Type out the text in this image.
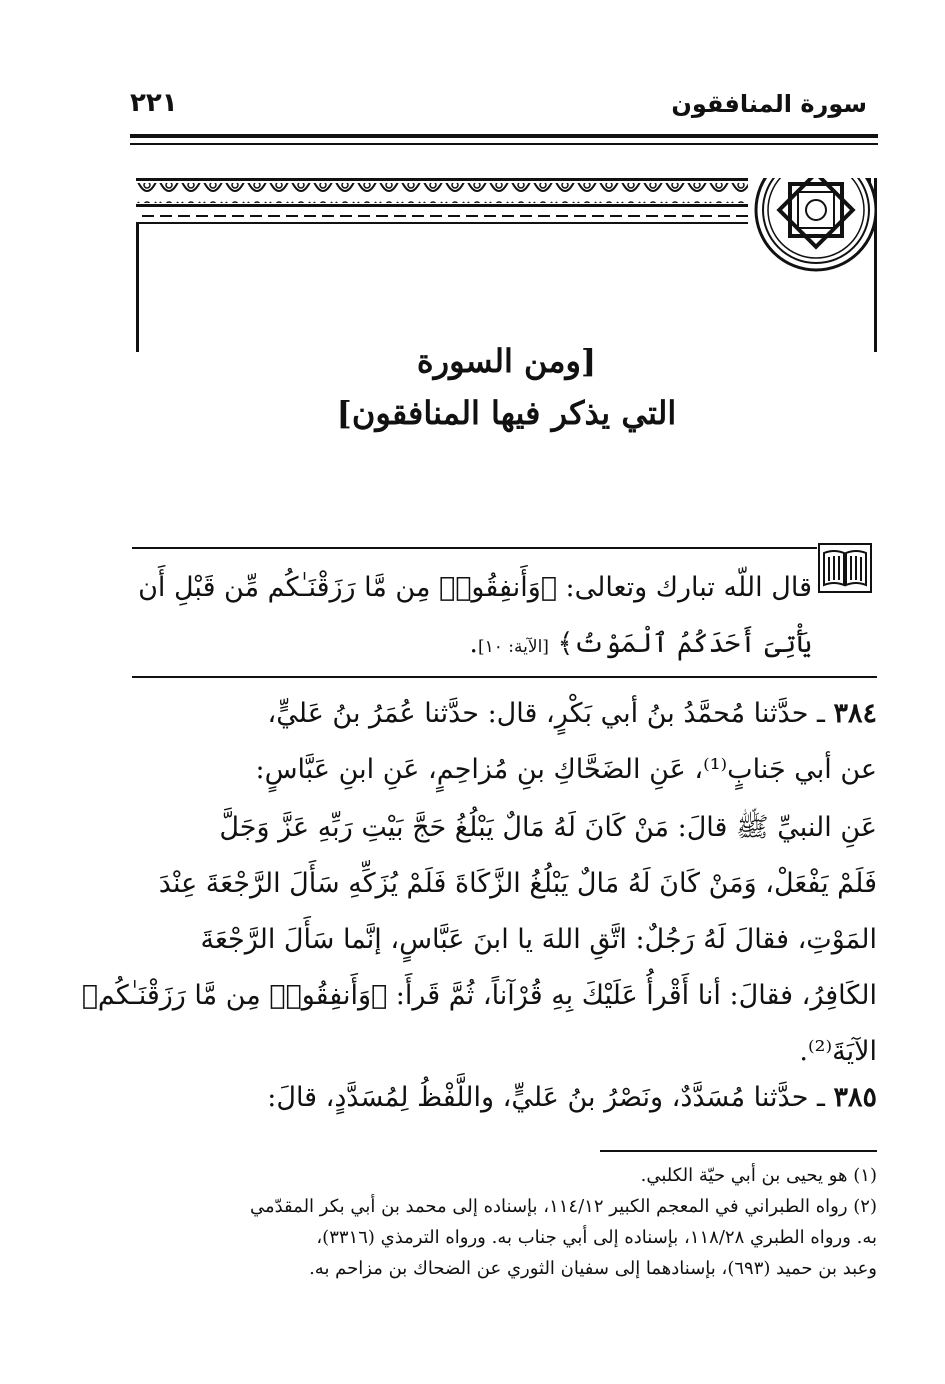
سورة المنافقون
٢٢١
[ومن السورة
التي يذكر فيها المنافقون]
قال اللّه تبارك وتعالى: ﴿وَأَنفِقُوا۟ مِن مَّا رَزَقْنَـٰكُم مِّن قَبْلِ أَن
يَأْتِىَ أَحَدَكُمُ ٱلْمَوْتُ﴾ [الآية: ١٠].
٣٨٤ ـ حدَّثنا مُحمَّدُ بنُ أبي بَكْرٍ، قال: حدَّثنا عُمَرُ بنُ عَليٍّ،
عن أبي جَنابٍ⁽¹⁾، عَنِ الضَحَّاكِ بنِ مُزاحِمٍ، عَنِ ابنِ عَبَّاسٍ:
عَنِ النبيِّ ﷺ قالَ: مَنْ كَانَ لَهُ مَالٌ يَبْلُغُ حَجَّ بَيْتِ رَبِّهِ عَزَّ وَجَلَّ
فَلَمْ يَفْعَلْ، وَمَنْ كَانَ لَهُ مَالٌ يَبْلُغُ الزَّكَاةَ فَلَمْ يُزَكِّهِ سَأَلَ الرَّجْعَةَ عِنْدَ
المَوْتِ، فقالَ لَهُ رَجُلٌ: اتَّقِ اللهَ يا ابنَ عَبَّاسٍ، إنَّما سَأَلَ الرَّجْعَةَ
الكَافِرُ، فقالَ: أنا أَقْرأُ عَلَيْكَ بِهِ قُرْآناً، ثُمَّ قَرأَ: ﴿وَأَنفِقُوا۟ مِن مَّا رَزَقْنَـٰكُم﴾
الآيَةَ⁽²⁾.
٣٨٥ ـ حدَّثنا مُسَدَّدٌ، ونَصْرُ بنُ عَليٍّ، واللَّفْظُ لِمُسَدَّدٍ، قالَ:
(١) هو يحيى بن أبي حيّة الكلبي.
(٢) رواه الطبراني في المعجم الكبير ١١٤/١٢، بإسناده إلى محمد بن أبي بكر المقدّمي
به. ورواه الطبري ١١٨/٢٨، بإسناده إلى أبي جناب به. ورواه الترمذي (٣٣١٦)،
وعبد بن حميد (٦٩٣)، بإسنادهما إلى سفيان الثوري عن الضحاك بن مزاحم به.
